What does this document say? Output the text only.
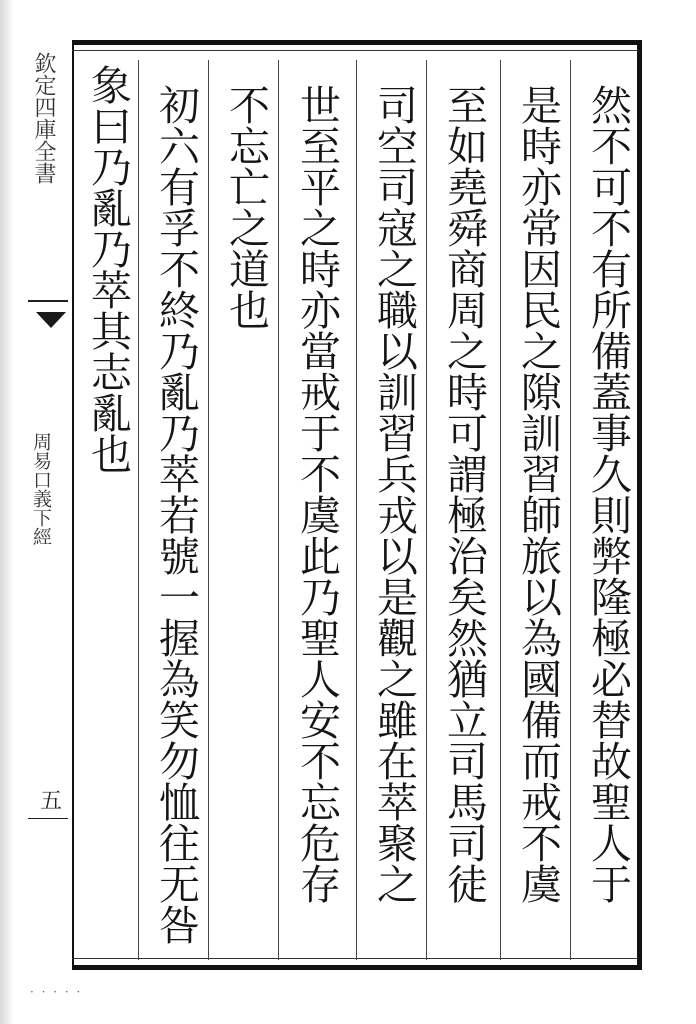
欽定四庫全書
周易口義下經
五	然不可不有所備蓋事久則弊隆極必替故聖人于
是時亦常因民之隙訓習師旅以為國備而戒不虞
至如堯舜商周之時可謂極治矣然猶立司馬司徒
司空司寇之職以訓習兵戎以是觀之雖在萃聚之
世至平之時亦當戒于不虞此乃聖人安不忘危存
不忘亡之道也
初六有孚不終乃亂乃萃若號一握為笑勿恤往无咎
象曰乃亂乃萃其志亂也
· · · · ·
